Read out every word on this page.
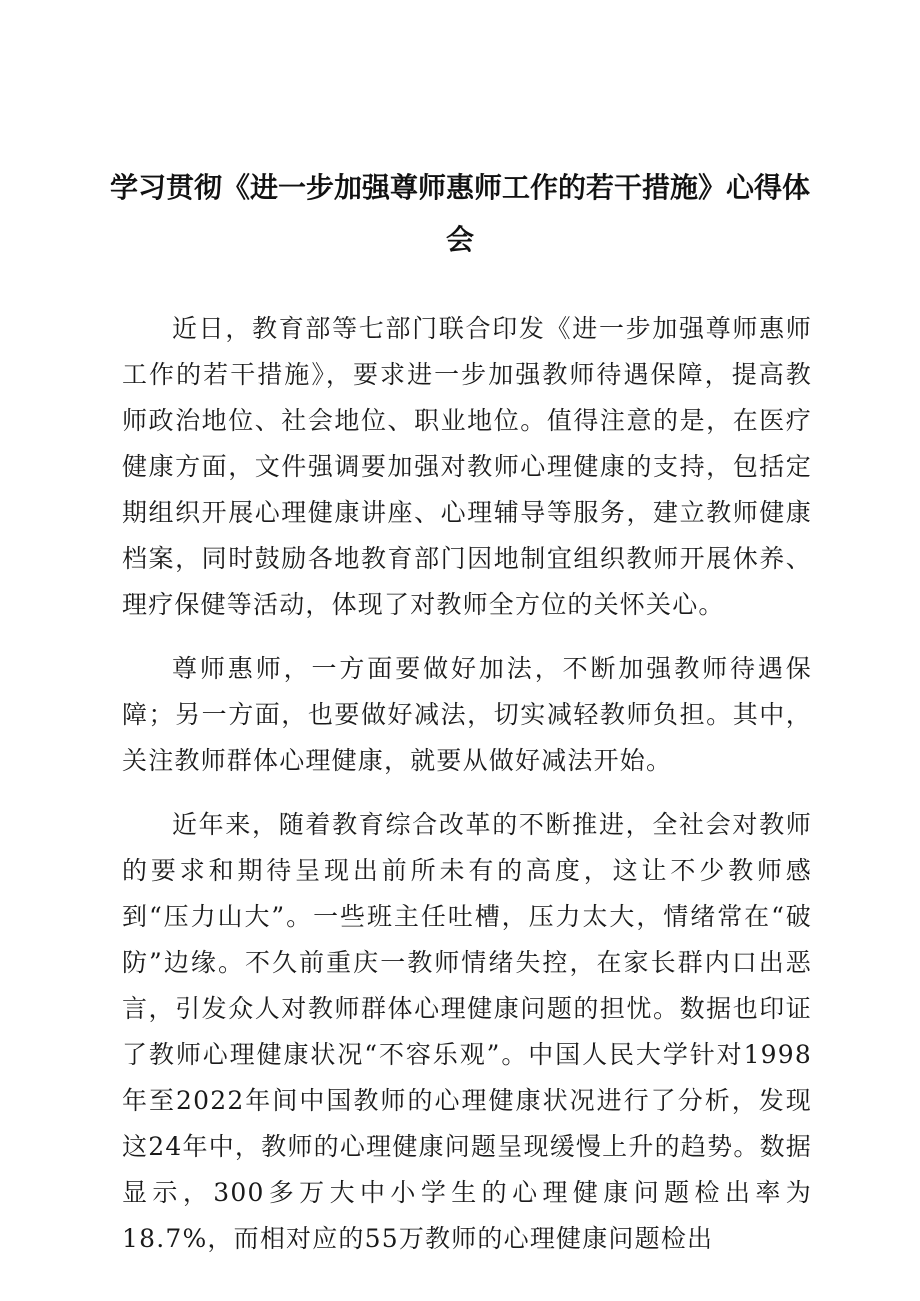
学习贯彻《进一步加强尊师惠师工作的若干措施》心得体会

近日，教育部等七部门联合印发《进一步加强尊师惠师工作的若干措施》，要求进一步加强教师待遇保障，提高教师政治地位、社会地位、职业地位。值得注意的是，在医疗健康方面，文件强调要加强对教师心理健康的支持，包括定期组织开展心理健康讲座、心理辅导等服务，建立教师健康档案，同时鼓励各地教育部门因地制宜组织教师开展休养、理疗保健等活动，体现了对教师全方位的关怀关心。

尊师惠师，一方面要做好加法，不断加强教师待遇保障；另一方面，也要做好减法，切实减轻教师负担。其中，关注教师群体心理健康，就要从做好减法开始。

近年来，随着教育综合改革的不断推进，全社会对教师的要求和期待呈现出前所未有的高度，这让不少教师感到“压力山大”。一些班主任吐槽，压力太大，情绪常在“破防”边缘。不久前重庆一教师情绪失控，在家长群内口出恶言，引发众人对教师群体心理健康问题的担忧。数据也印证了教师心理健康状况“不容乐观”。中国人民大学针对1998年至2022年间中国教师的心理健康状况进行了分析，发现这24年中，教师的心理健康问题呈现缓慢上升的趋势。数据显示，300多万大中小学生的心理健康问题检出率为18.7%，而相对应的55万教师的心理健康问题检出
